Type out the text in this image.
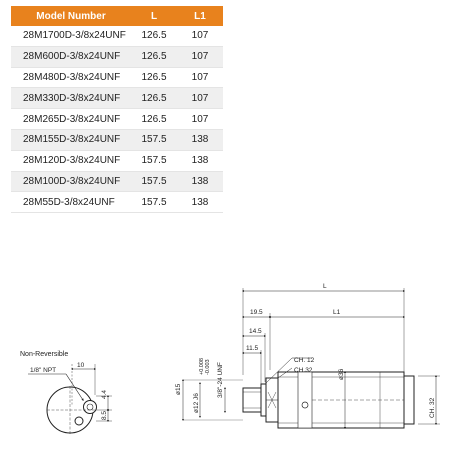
Model Number	L	L1
28M1700D-3/8x24UNF	126.5	107
28M600D-3/8x24UNF	126.5	107
28M480D-3/8x24UNF	126.5	107
28M330D-3/8x24UNF	126.5	107
28M265D-3/8x24UNF	126.5	107
28M155D-3/8x24UNF	157.5	138
28M120D-3/8x24UNF	157.5	138
28M100D-3/8x24UNF	157.5	138
28M55D-3/8x24UNF	157.5	138
Non-Reversible
1/8" NPT
10
4.4
8.5
L
19.5	L1
14.5
11.5
ø15
ø12 J6
+0.008 -0.003 3/8"-24 UNF
CH. 12
CH.32	ø36
CH. 32
